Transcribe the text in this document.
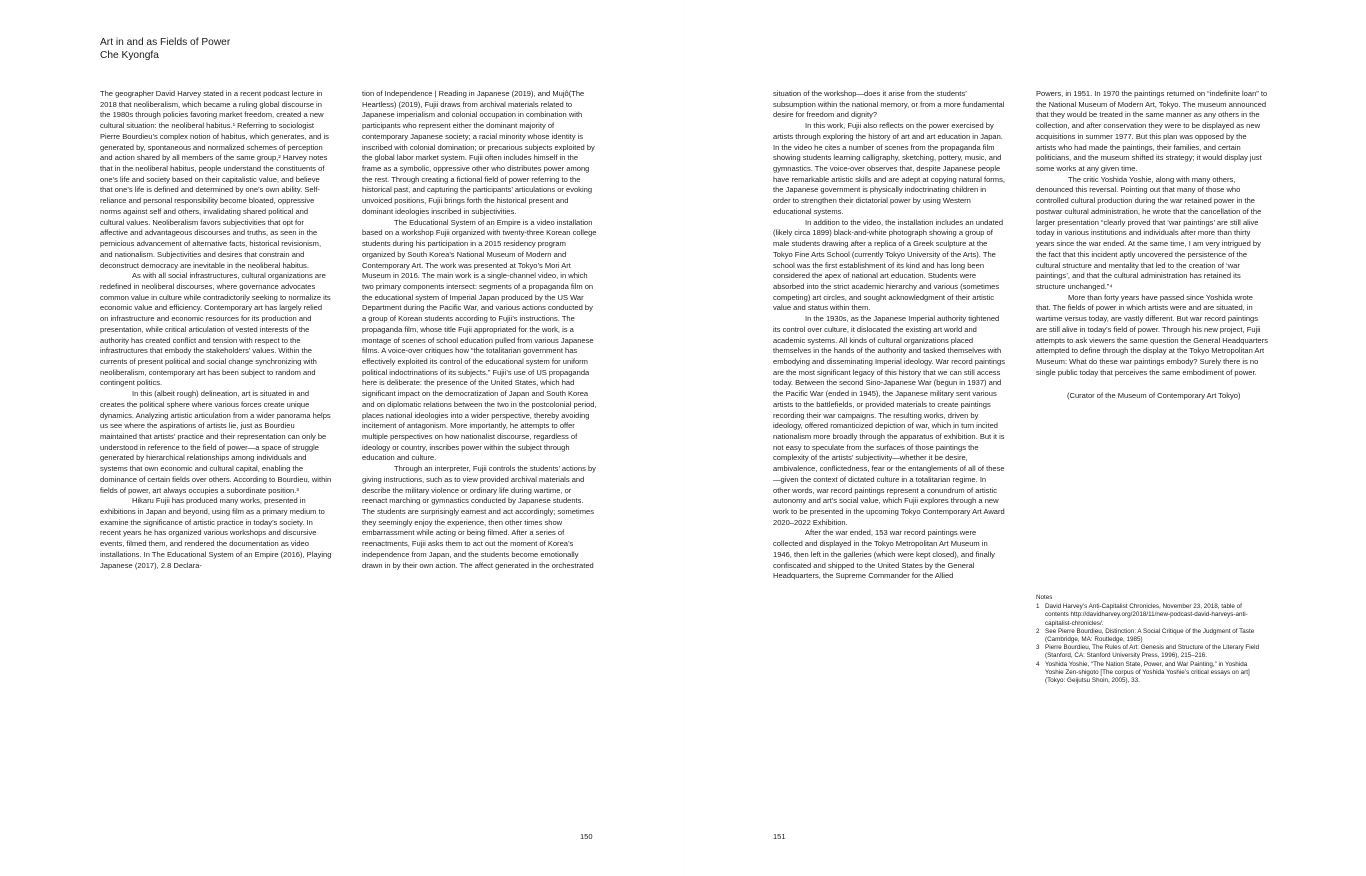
Art in and as Fields of Power
Che Kyongfa

The geographer David Harvey stated in a recent podcast lecture in 2018 that neoliberalism, which became a ruling global discourse in the 1980s through policies favoring market freedom, created a new cultural situation: the neoliberal habitus.¹ Referring to sociologist Pierre Bourdieu’s complex notion of habitus, which generates, and is generated by, spontaneous and normalized schemes of perception and action shared by all members of the same group,² Harvey notes that in the neoliberal habitus, people understand the constituents of one’s life and society based on their capitalistic value, and believe that one’s life is defined and determined by one’s own ability. Self-reliance and personal responsibility become bloated, oppressive norms against self and others, invalidating shared political and cultural values. Neoliberalism favors subjectivities that opt for affective and advantageous discourses and truths, as seen in the pernicious advancement of alternative facts, historical revisionism, and nationalism. Subjectivities and desires that constrain and deconstruct democracy are inevitable in the neoliberal habitus.

As with all social infrastructures, cultural organizations are redefined in neoliberal discourses, where governance advocates common value in culture while contradictorily seeking to normalize its economic value and efficiency. Contemporary art has largely relied on infrastructure and economic resources for its production and presentation, while critical articulation of vested interests of the authority has created conflict and tension with respect to the infrastructures that embody the stakeholders’ values. Within the currents of present political and social change synchronizing with neoliberalism, contemporary art has been subject to random and contingent politics.

In this (albeit rough) delineation, art is situated in and creates the political sphere where various forces create unique dynamics. Analyzing artistic articulation from a wider panorama helps us see where the aspirations of artists lie, just as Bourdieu maintained that artists’ practice and their representation can only be understood in reference to the field of power—a space of struggle generated by hierarchical relationships among individuals and systems that own economic and cultural capital, enabling the dominance of certain fields over others. According to Bourdieu, within fields of power, art always occupies a subordinate position.³

Hikaru Fujii has produced many works, presented in exhibitions in Japan and beyond, using film as a primary medium to examine the significance of artistic practice in today’s society. In recent years he has organized various workshops and discursive events, filmed them, and rendered the documentation as video installations. In The Educational System of an Empire (2016), Playing Japanese (2017), 2.8 Declara-

tion of Independence | Reading in Japanese (2019), and Mujô(The Heartless) (2019), Fujii draws from archival materials related to Japanese imperialism and colonial occupation in combination with participants who represent either the dominant majority of contemporary Japanese society; a racial minority whose identity is inscribed with colonial domination; or precarious subjects exploited by the global labor market system. Fujii often includes himself in the frame as a symbolic, oppressive other who distributes power among the rest. Through creating a fictional field of power referring to the historical past, and capturing the participants’ articulations or evoking unvoiced positions, Fujii brings forth the historical present and dominant ideologies inscribed in subjectivities.

The Educational System of an Empire is a video installation based on a workshop Fujii organized with twenty-three Korean college students during his participation in a 2015 residency program organized by South Korea’s National Museum of Modern and Contemporary Art. The work was presented at Tokyo’s Mori Art Museum in 2016. The main work is a single-channel video, in which two primary components intersect: segments of a propaganda film on the educational system of Imperial Japan produced by the US War Department during the Pacific War, and various actions conducted by a group of Korean students according to Fujii’s instructions. The propaganda film, whose title Fujii appropriated for the work, is a montage of scenes of school education pulled from various Japanese films. A voice-over critiques how “the totalitarian government has effectively exploited its control of the educational system for uniform political indoctrinations of its subjects.” Fujii’s use of US propaganda here is deliberate: the presence of the United States, which had significant impact on the democratization of Japan and South Korea and on diplomatic relations between the two in the postcolonial period, places national ideologies into a wider perspective, thereby avoiding incitement of antagonism. More importantly, he attempts to offer multiple perspectives on how nationalist discourse, regardless of ideology or country, inscribes power within the subject through education and culture.

Through an interpreter, Fujii controls the students’ actions by giving instructions, such as to view provided archival materials and describe the military violence or ordinary life during wartime, or reenact marching or gymnastics conducted by Japanese students. The students are surprisingly earnest and act accordingly; sometimes they seemingly enjoy the experience, then other times show embarrassment while acting or being filmed. After a series of reenactments, Fujii asks them to act out the moment of Korea’s independence from Japan, and the students become emotionally drawn in by their own action. The affect generated in the orchestrated

situation of the workshop—does it arise from the students’ subsumption within the national memory, or from a more fundamental desire for freedom and dignity?

In this work, Fujii also reflects on the power exercised by artists through exploring the history of art and art education in Japan. In the video he cites a number of scenes from the propaganda film showing students learning calligraphy, sketching, pottery, music, and gymnastics. The voice-over observes that, despite Japanese people have remarkable artistic skills and are adept at copying natural forms, the Japanese government is physically indoctrinating children in order to strengthen their dictatorial power by using Western educational systems.

In addition to the video, the installation includes an undated (likely circa 1899) black-and-white photograph showing a group of male students drawing after a replica of a Greek sculpture at the Tokyo Fine Arts School (currently Tokyo University of the Arts). The school was the first establishment of its kind and has long been considered the apex of national art education. Students were absorbed into the strict academic hierarchy and various (sometimes competing) art circles, and sought acknowledgment of their artistic value and status within them.

In the 1930s, as the Japanese Imperial authority tightened its control over culture, it dislocated the existing art world and academic systems. All kinds of cultural organizations placed themselves in the hands of the authority and tasked themselves with embodying and disseminating Imperial ideology. War record paintings are the most significant legacy of this history that we can still access today. Between the second Sino-Japanese War (begun in 1937) and the Pacific War (ended in 1945), the Japanese military sent various artists to the battlefields, or provided materials to create paintings recording their war campaigns. The resulting works, driven by ideology, offered romanticized depiction of war, which in turn incited nationalism more broadly through the apparatus of exhibition. But it is not easy to speculate from the surfaces of those paintings the complexity of the artists’ subjectivity—whether it be desire, ambivalence, conflictedness, fear or the entanglements of all of these—given the context of dictated culture in a totalitarian regime. In other words, war record paintings represent a conundrum of artistic autonomy and art’s social value, which Fujii explores through a new work to be presented in the upcoming Tokyo Contemporary Art Award 2020–2022 Exhibition.

After the war ended, 153 war record paintings were collected and displayed in the Tokyo Metropolitan Art Museum in 1946, then left in the galleries (which were kept closed), and finally confiscated and shipped to the United States by the General Headquarters, the Supreme Commander for the Allied

Powers, in 1951. In 1970 the paintings returned on “indefinite loan” to the National Museum of Modern Art, Tokyo. The museum announced that they would be treated in the same manner as any others in the collection, and after conservation they were to be displayed as new acquisitions in summer 1977. But this plan was opposed by the artists who had made the paintings, their families, and certain politicians, and the museum shifted its strategy; it would display just some works at any given time.

The critic Yoshida Yoshie, along with many others, denounced this reversal. Pointing out that many of those who controlled cultural production during the war retained power in the postwar cultural administration, he wrote that the cancellation of the larger presentation “clearly proved that ‘war paintings’ are still alive today in various institutions and individuals after more than thirty years since the war ended. At the same time, I am very intrigued by the fact that this incident aptly uncovered the persistence of the cultural structure and mentality that led to the creation of ‘war paintings’, and that the cultural administration has retained its structure unchanged.”⁴

More than forty years have passed since Yoshida wrote that. The fields of power in which artists were and are situated, in wartime versus today, are vastly different. But war record paintings are still alive in today’s field of power. Through his new project, Fujii attempts to ask viewers the same question the General Headquarters attempted to define through the display at the Tokyo Metropolitan Art Museum: What do these war paintings embody? Surely there is no single public today that perceives the same embodiment of power.

(Curator of the Museum of Contemporary Art Tokyo)

Notes
1 David Harvey’s Anti-Capitalist Chronicles, November 23, 2018, table of contents http://davidharvey.org/2018/11/new-podcast-david-harveys-anti-capitalist-chronicles/.
2 See Pierre Bourdieu, Distinction: A Social Critique of the Judgment of Taste (Cambridge, MA: Routledge, 1985)
3 Pierre Bourdieu, The Rules of Art: Genesis and Structure of the Literary Field (Stanford, CA: Stanford University Press, 1996), 215–216.
4 Yoshida Yoshie, “The Nation State, Power, and War Painting,” in Yoshida Yoshie Zen-shigoto [The corpus of Yoshida Yoshie’s critical essays on art] (Tokyo: Geijutsu Shoin, 2005), 33.
150	151
